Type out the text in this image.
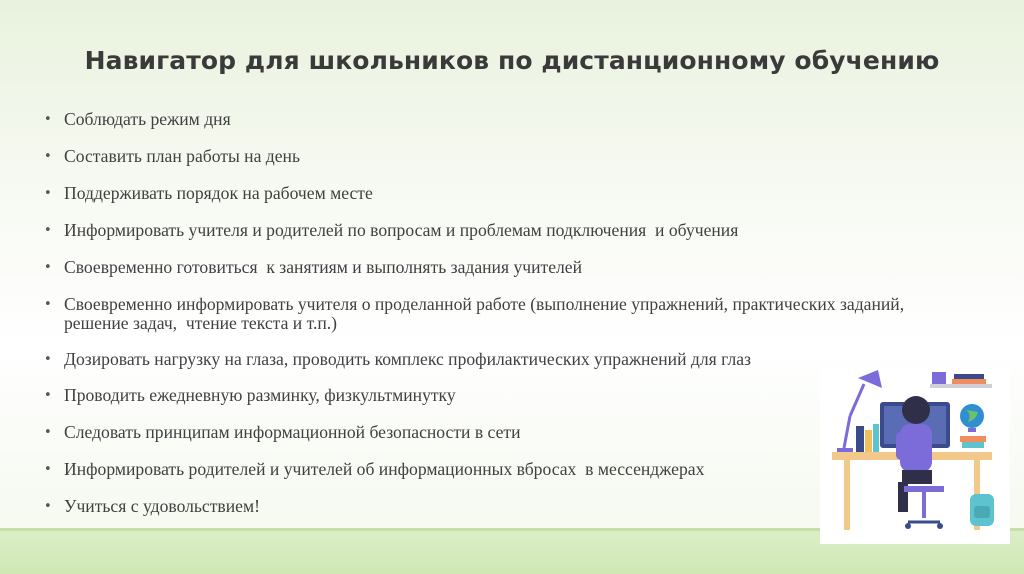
Навигатор для школьников по дистанционному обучению
• Соблюдать режим дня
• Составить план работы на день
• Поддерживать порядок на рабочем месте
• Информировать учителя и родителей по вопросам и проблемам подключения  и обучения
• Своевременно готовиться  к занятиям и выполнять задания учителей
• Своевременно информировать учителя о проделанной работе (выполнение упражнений, практических заданий,  решение задач,  чтение текста и т.п.)
• Дозировать нагрузку на глаза, проводить комплекс профилактических упражнений для глаз
• Проводить ежедневную разминку, физкультминутку
• Следовать принципам информационной безопасности в сети
• Информировать родителей и учителей об информационных вбросах  в мессенджерах
• Учиться с удовольствием!
